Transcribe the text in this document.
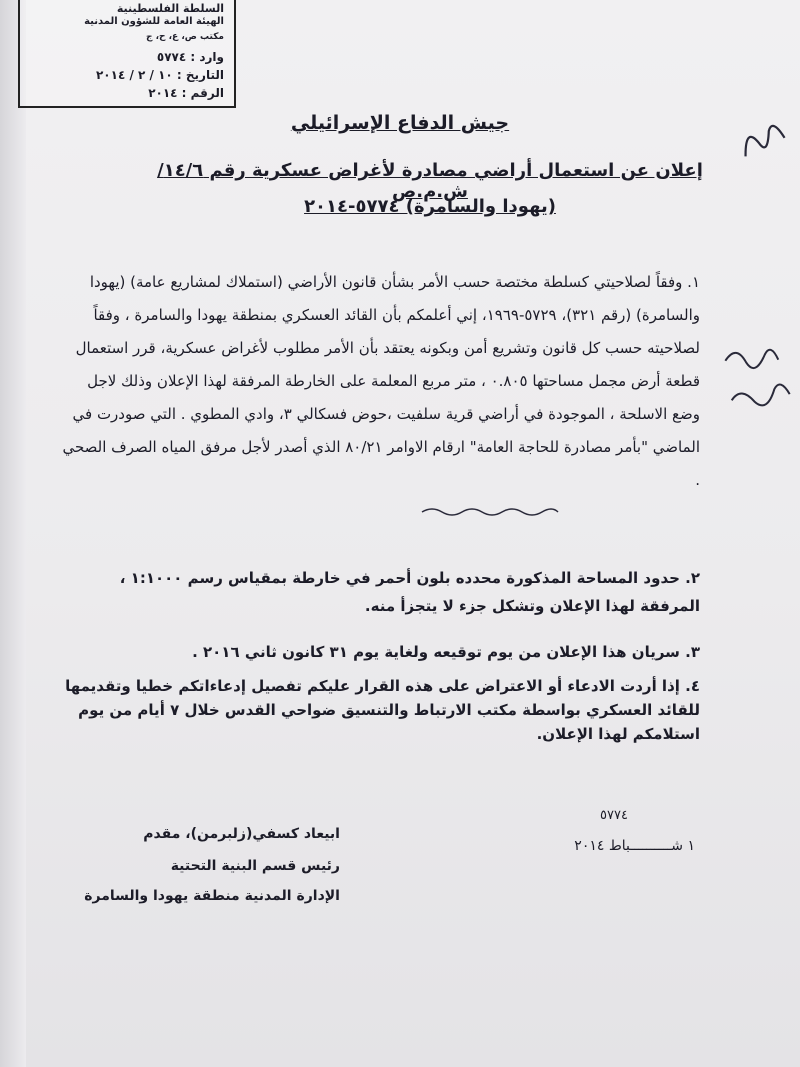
السلطة الفلسطينية
الهيئة العامة للشؤون المدنية
مكتب ص، ع، ح، ج
وارد : ٥٧٧٤
التاريخ : ١٠ / ٢ / ٢٠١٤
الرقم : ٢٠١٤
جيش الدفاع الإسرائيلي
إعلان عن استعمال أراضي مصادرة لأغراض عسكرية رقم ١٤/٦/ ش.م.ص
(يهودا والسامرة) ٥٧٧٤-٢٠١٤
١. وفقاً لصلاحيتي كسلطة مختصة حسب الأمر بشأن قانون الأراضي (استملاك لمشاريع عامة) (يهودا والسامرة) (رقم ٣٢١)، ٥٧٢٩-١٩٦٩، إني أعلمكم بأن القائد العسكري بمنطقة يهودا والسامرة ، وفقاً لصلاحيته حسب كل قانون وتشريع أمن وبكونه يعتقد بأن الأمر مطلوب لأغراض عسكرية، قرر استعمال قطعة أرض مجمل مساحتها ٠.٨٠٥ ، متر مربع المعلمة على الخارطة المرفقة لهذا الإعلان وذلك لاجل وضع الاسلحة ، الموجودة في أراضي قرية سلفيت ،حوض فسكالي ٣، وادي المطوي . التي صودرت في الماضي "بأمر مصادرة للحاجة العامة" ارقام الاوامر ٨٠/٢١ الذي أصدر لأجل مرفق المياه الصرف الصحي .
٢. حدود المساحة المذكورة محدده بلون أحمر في خارطة بمقياس رسم ١:١٠٠٠ ، المرفقة لهذا الإعلان وتشكل جزء لا يتجزأ منه.
٣. سريان هذا الإعلان من يوم توقيعه ولغاية يوم ٣١ كانون ثاني ٢٠١٦ .
٤. إذا أردت الادعاء أو الاعتراض على هذه القرار عليكم تفصيل إدعاءاتكم خطيا وتقديمها للقائد العسكري بواسطة مكتب الارتباط والتنسيق ضواحي القدس خلال ٧ أيام من يوم استلامكم لهذا الإعلان.
٥٧٧٤
١ شــــــــــباط ٢٠١٤
ابيعاد كسفي(زلبرمن)، مقدم
رئيس قسم البنية التحتية
الإدارة المدنية منطقة يهودا والسامرة
